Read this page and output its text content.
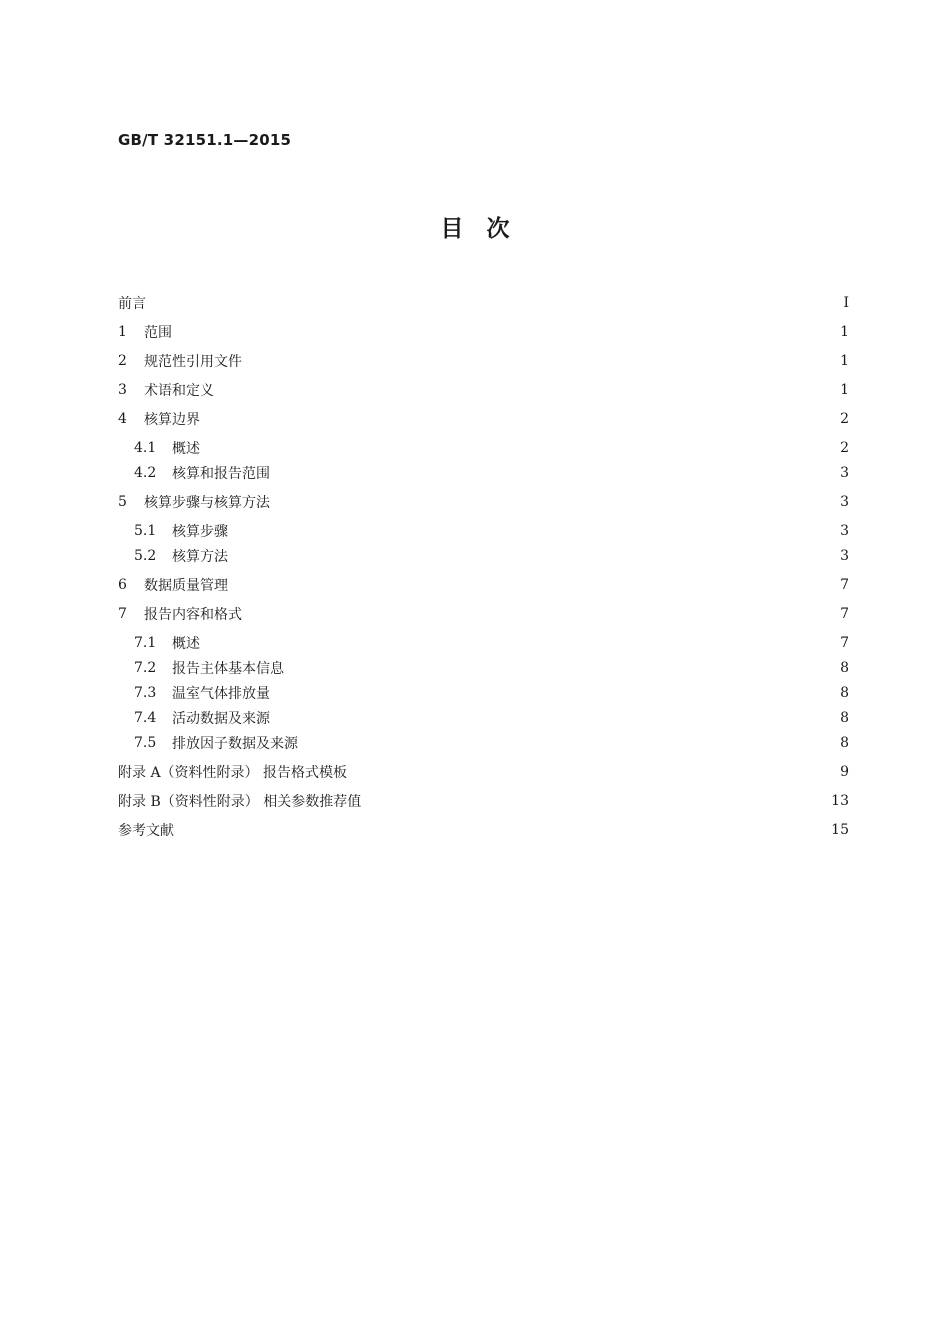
GB/T 32151.1—2015
目　次
前言	Ⅰ
1	范围	1
2	规范性引用文件	1
3	术语和定义	1
4	核算边界	2
4.1	概述	2
4.2	核算和报告范围	3
5	核算步骤与核算方法	3
5.1	核算步骤	3
5.2	核算方法	3
6	数据质量管理	7
7	报告内容和格式	7
7.1	概述	7
7.2	报告主体基本信息	8
7.3	温室气体排放量	8
7.4	活动数据及来源	8
7.5	排放因子数据及来源	8
附录 A（资料性附录） 报告格式模板	9
附录 B（资料性附录） 相关参数推荐值	13
参考文献	15
